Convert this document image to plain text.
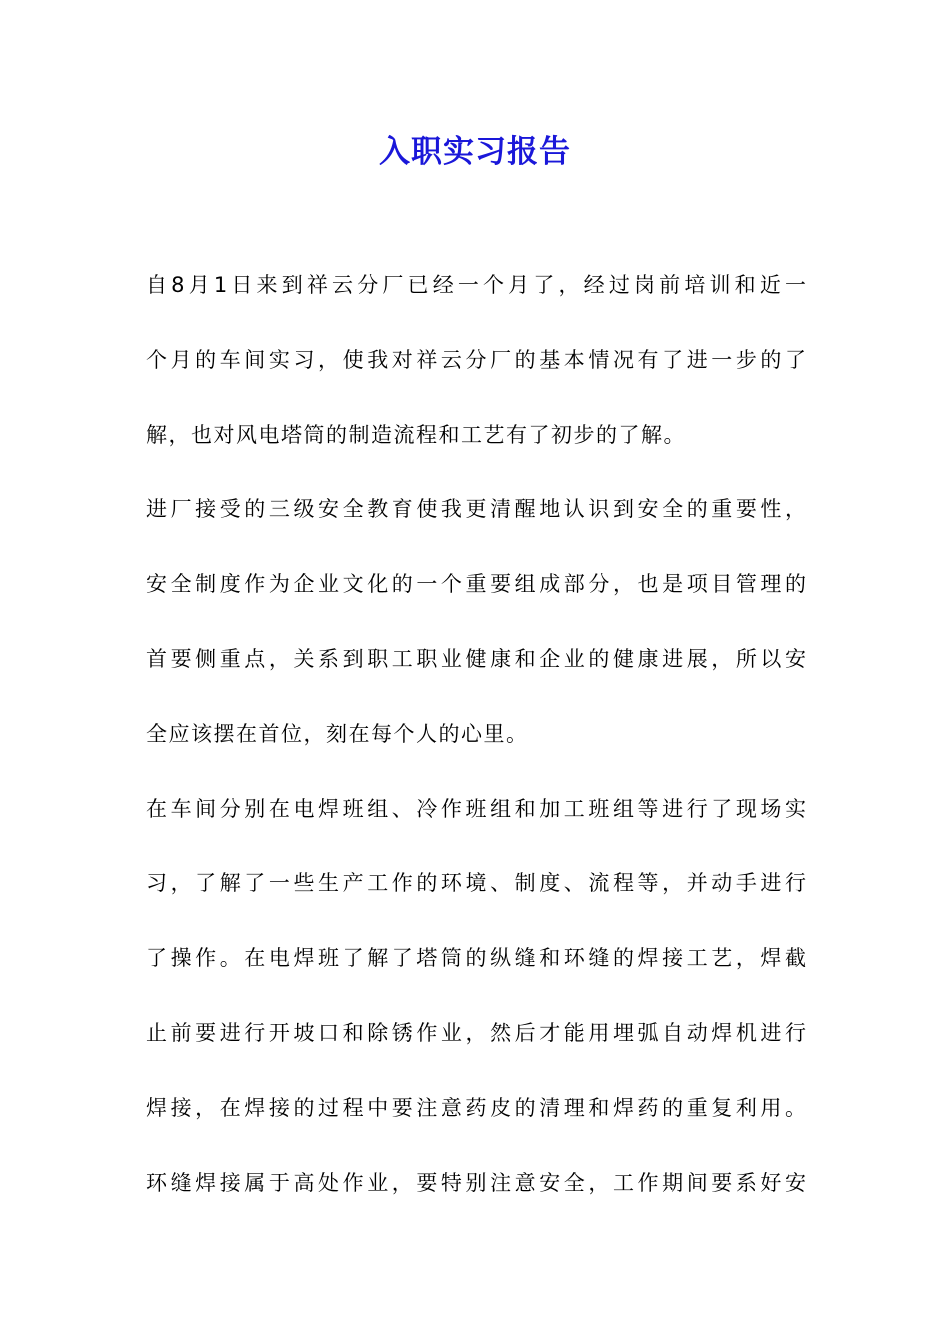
入职实习报告
自8月1日来到祥云分厂已经一个月了，经过岗前培训和近一
个月的车间实习，使我对祥云分厂的基本情况有了进一步的了
解，也对风电塔筒的制造流程和工艺有了初步的了解。
进厂接受的三级安全教育使我更清醒地认识到安全的重要性，
安全制度作为企业文化的一个重要组成部分，也是项目管理的
首要侧重点，关系到职工职业健康和企业的健康进展，所以安
全应该摆在首位，刻在每个人的心里。
在车间分别在电焊班组、冷作班组和加工班组等进行了现场实
习，了解了一些生产工作的环境、制度、流程等，并动手进行
了操作。在电焊班了解了塔筒的纵缝和环缝的焊接工艺，焊截
止前要进行开坡口和除锈作业，然后才能用埋弧自动焊机进行
焊接，在焊接的过程中要注意药皮的清理和焊药的重复利用。
环缝焊接属于高处作业，要特别注意安全，工作期间要系好安
